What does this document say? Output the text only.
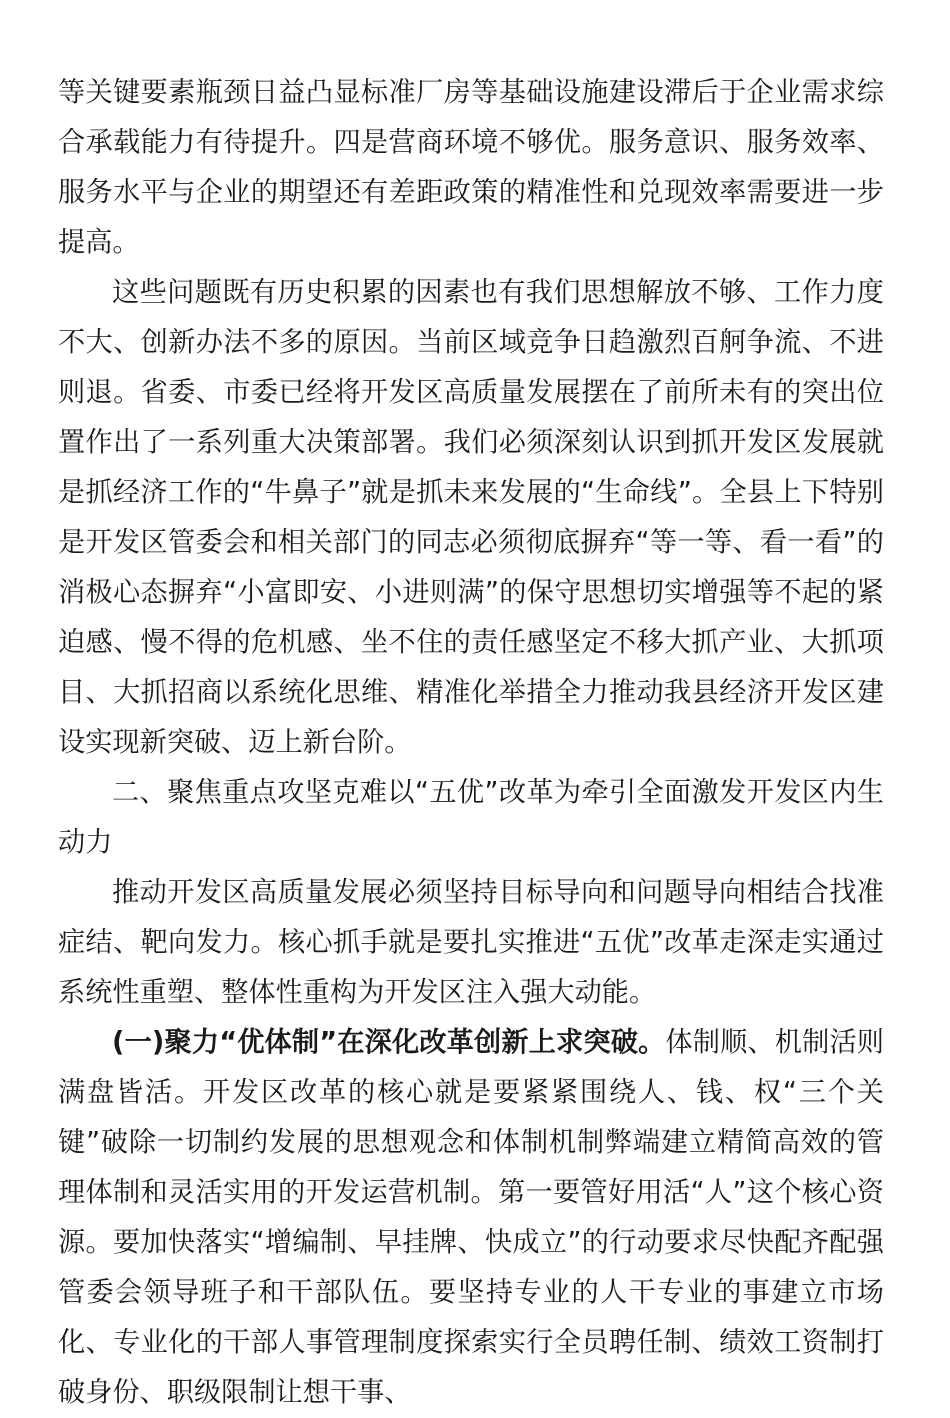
等关键要素瓶颈日益凸显标准厂房等基础设施建设滞后于企业需求综合承载能力有待提升。四是营商环境不够优。服务意识、服务效率、服务水平与企业的期望还有差距政策的精准性和兑现效率需要进一步提高。

这些问题既有历史积累的因素也有我们思想解放不够、工作力度不大、创新办法不多的原因。当前区域竞争日趋激烈百舸争流、不进则退。省委、市委已经将开发区高质量发展摆在了前所未有的突出位置作出了一系列重大决策部署。我们必须深刻认识到抓开发区发展就是抓经济工作的“牛鼻子”就是抓未来发展的“生命线”。全县上下特别是开发区管委会和相关部门的同志必须彻底摒弃“等一等、看一看”的消极心态摒弃“小富即安、小进则满”的保守思想切实增强等不起的紧迫感、慢不得的危机感、坐不住的责任感坚定不移大抓产业、大抓项目、大抓招商以系统化思维、精准化举措全力推动我县经济开发区建设实现新突破、迈上新台阶。

二、聚焦重点攻坚克难以“五优”改革为牵引全面激发开发区内生动力

推动开发区高质量发展必须坚持目标导向和问题导向相结合找准症结、靶向发力。核心抓手就是要扎实推进“五优”改革走深走实通过系统性重塑、整体性重构为开发区注入强大动能。

(一)聚力“优体制”在深化改革创新上求突破。体制顺、机制活则满盘皆活。开发区改革的核心就是要紧紧围绕人、钱、权“三个关键”破除一切制约发展的思想观念和体制机制弊端建立精简高效的管理体制和灵活实用的开发运营机制。第一要管好用活“人”这个核心资源。要加快落实“增编制、早挂牌、快成立”的行动要求尽快配齐配强管委会领导班子和干部队伍。要坚持专业的人干专业的事建立市场化、专业化的干部人事管理制度探索实行全员聘任制、绩效工资制打破身份、职级限制让想干事、
